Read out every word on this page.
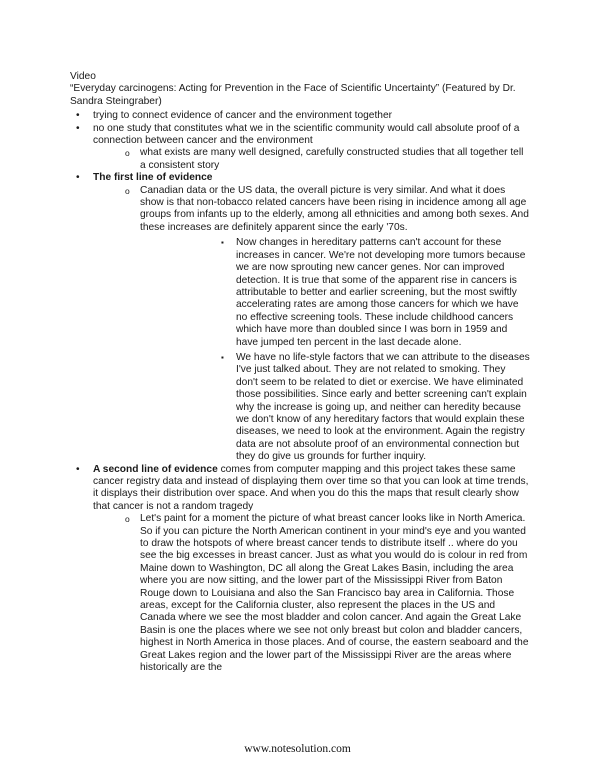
Video

“Everyday carcinogens: Acting for Prevention in the Face of Scientific Uncertainty” (Featured by Dr. Sandra Steingraber)

• trying to connect evidence of cancer and the environment together
• no one study that constitutes what we in the scientific community would call absolute proof of a connection between cancer and the environment
o what exists are many well designed, carefully constructed studies that all together tell a consistent story
• The first line of evidence
o Canadian data or the US data, the overall picture is very similar. And what it does show is that non-tobacco related cancers have been rising in incidence among all age groups from infants up to the elderly, among all ethnicities and among both sexes. And these increases are definitely apparent since the early '70s.
▪ Now changes in hereditary patterns can't account for these increases in cancer. We're not developing more tumors because we are now sprouting new cancer genes. Nor can improved detection. It is true that some of the apparent rise in cancers is attributable to better and earlier screening, but the most swiftly accelerating rates are among those cancers for which we have no effective screening tools. These include childhood cancers which have more than doubled since I was born in 1959 and have jumped ten percent in the last decade alone.
▪ We have no life-style factors that we can attribute to the diseases I've just talked about. They are not related to smoking. They don't seem to be related to diet or exercise. We have eliminated those possibilities. Since early and better screening can't explain why the increase is going up, and neither can heredity because we don't know of any hereditary factors that would explain these diseases, we need to look at the environment. Again the registry data are not absolute proof of an environmental connection but they do give us grounds for further inquiry.
• A second line of evidence comes from computer mapping and this project takes these same cancer registry data and instead of displaying them over time so that you can look at time trends, it displays their distribution over space. And when you do this the maps that result clearly show that cancer is not a random tragedy
o Let's paint for a moment the picture of what breast cancer looks like in North America. So if you can picture the North American continent in your mind's eye and you wanted to draw the hotspots of where breast cancer tends to distribute itself .. where do you see the big excesses in breast cancer. Just as what you would do is colour in red from Maine down to Washington, DC all along the Great Lakes Basin, including the area where you are now sitting, and the lower part of the Mississippi River from Baton Rouge down to Louisiana and also the San Francisco bay area in California. Those areas, except for the California cluster, also represent the places in the US and Canada where we see the most bladder and colon cancer. And again the Great Lake Basin is one the places where we see not only breast but colon and bladder cancers, highest in North America in those places. And of course, the eastern seaboard and the Great Lakes region and the lower part of the Mississippi River are the areas where historically are the
www.notesolution.com
